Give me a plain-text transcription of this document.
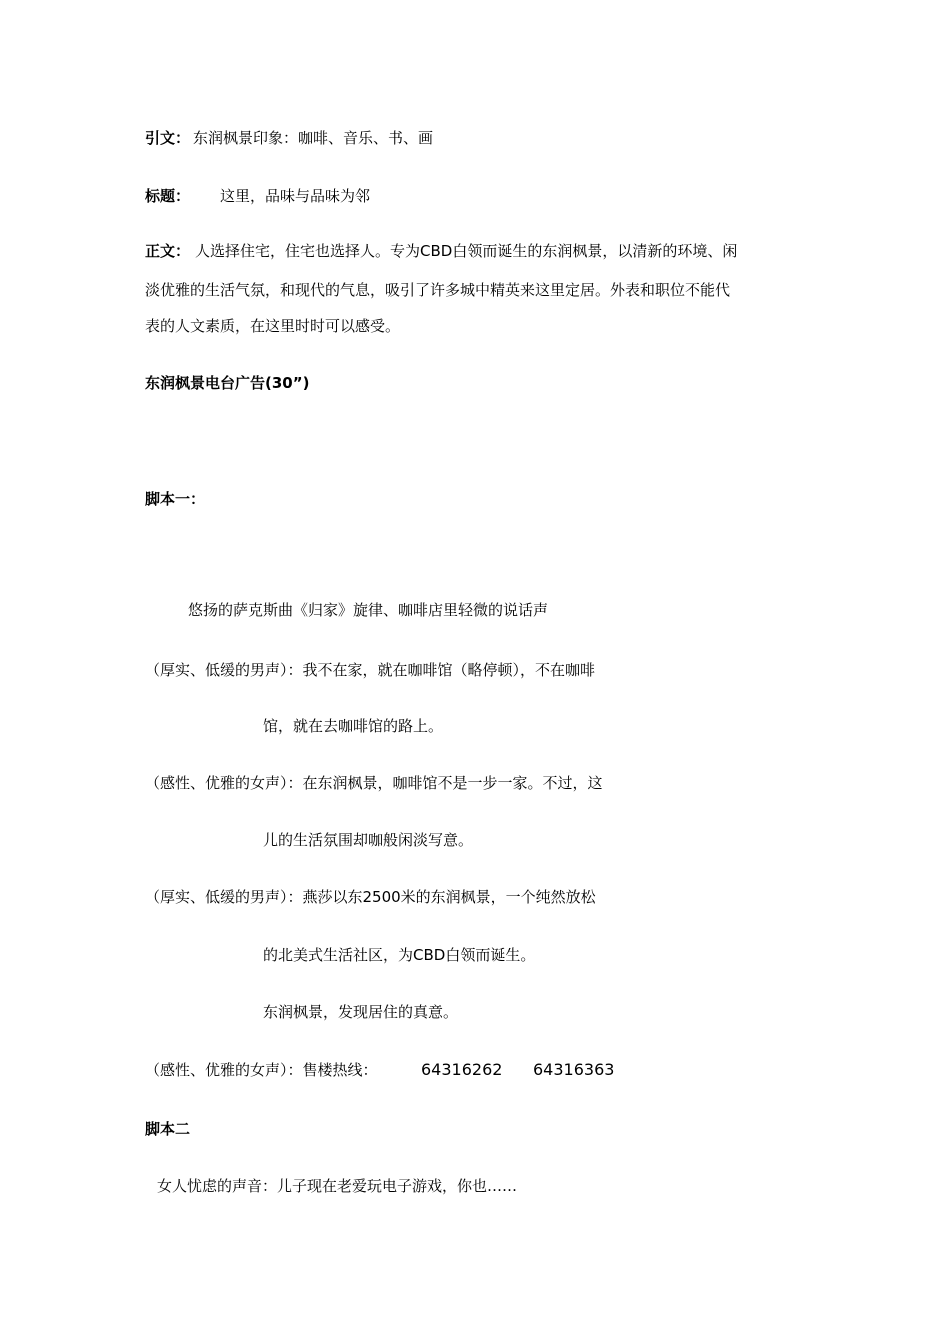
引文： 东润枫景印象：咖啡、音乐、书、画
标题： 这里，品味与品味为邻
正文： 人选择住宅，住宅也选择人。专为CBD白领而诞生的东润枫景，以清新的环境、闲
淡优雅的生活气氛，和现代的气息，吸引了许多城中精英来这里定居。外表和职位不能代
表的人文素质，在这里时时可以感受。
东润枫景电台广告(30”)
脚本一：
悠扬的萨克斯曲《归家》旋律、咖啡店里轻微的说话声
（厚实、低缓的男声）：我不在家，就在咖啡馆（略停顿），不在咖啡
馆，就在去咖啡馆的路上。
（感性、优雅的女声）：在东润枫景，咖啡馆不是一步一家。不过，这
儿的生活氛围却咖般闲淡写意。
（厚实、低缓的男声）：燕莎以东2500米的东润枫景，一个纯然放松
的北美式生活社区，为CBD白领而诞生。
东润枫景，发现居住的真意。
（感性、优雅的女声）：售楼热线：	64316262 64316363
脚本二
女人忧虑的声音：儿子现在老爱玩电子游戏，你也……
